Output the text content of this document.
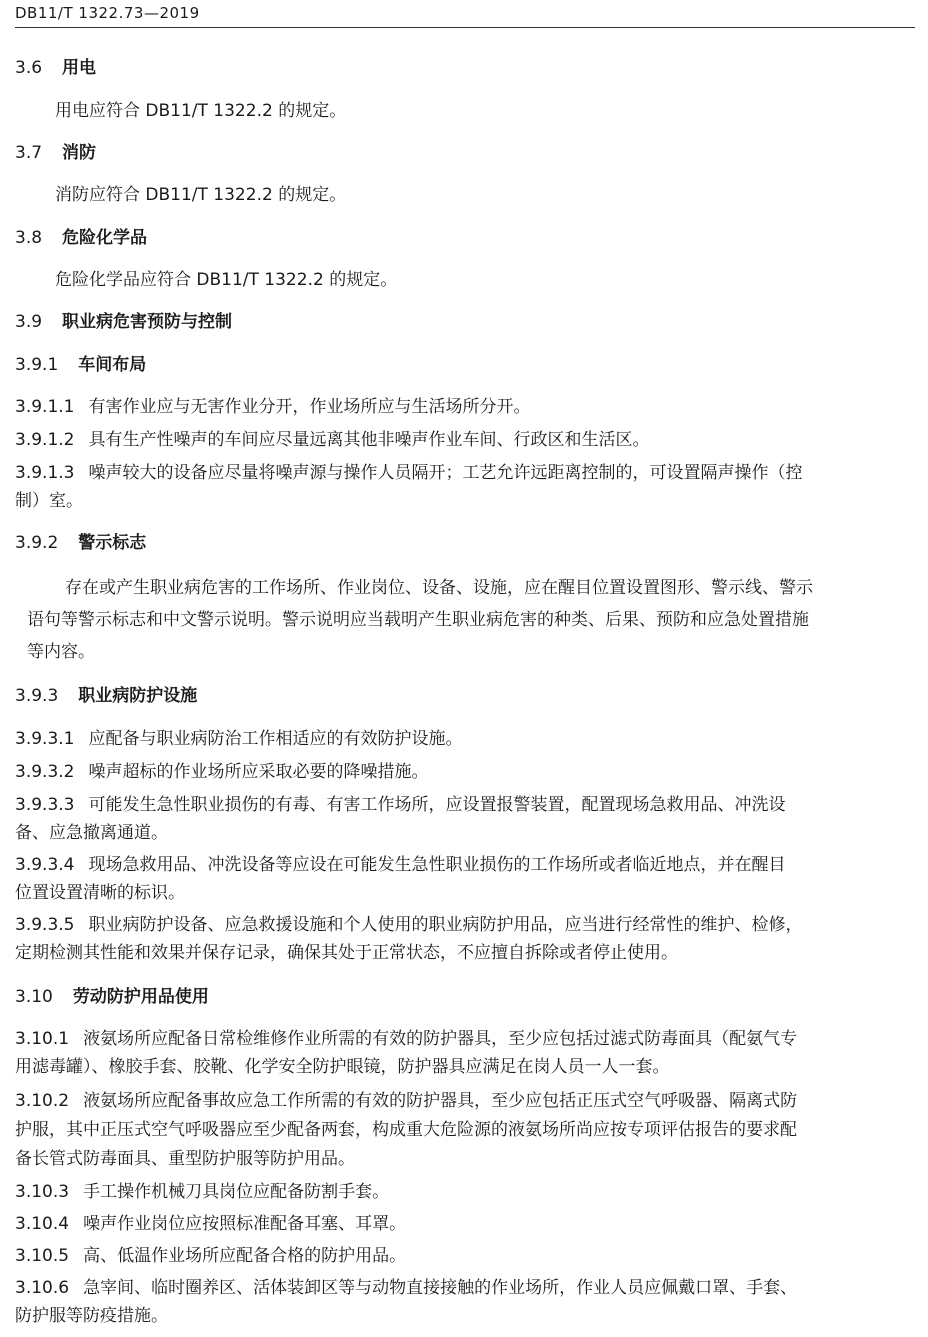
DB11/T 1322.73—2019
3.6 用电
用电应符合 DB11/T 1322.2 的规定。
3.7 消防
消防应符合 DB11/T 1322.2 的规定。
3.8 危险化学品
危险化学品应符合 DB11/T 1322.2 的规定。
3.9 职业病危害预防与控制
3.9.1 车间布局
3.9.1.1 有害作业应与无害作业分开，作业场所应与生活场所分开。
3.9.1.2 具有生产性噪声的车间应尽量远离其他非噪声作业车间、行政区和生活区。
3.9.1.3 噪声较大的设备应尽量将噪声源与操作人员隔开；工艺允许远距离控制的，可设置隔声操作（控
制）室。
3.9.2 警示标志
存在或产生职业病危害的工作场所、作业岗位、设备、设施，应在醒目位置设置图形、警示线、警示
语句等警示标志和中文警示说明。警示说明应当载明产生职业病危害的种类、后果、预防和应急处置措施
等内容。
3.9.3 职业病防护设施
3.9.3.1 应配备与职业病防治工作相适应的有效防护设施。
3.9.3.2 噪声超标的作业场所应采取必要的降噪措施。
3.9.3.3 可能发生急性职业损伤的有毒、有害工作场所，应设置报警装置，配置现场急救用品、冲洗设
备、应急撤离通道。
3.9.3.4 现场急救用品、冲洗设备等应设在可能发生急性职业损伤的工作场所或者临近地点，并在醒目
位置设置清晰的标识。
3.9.3.5 职业病防护设备、应急救援设施和个人使用的职业病防护用品，应当进行经常性的维护、检修，
定期检测其性能和效果并保存记录，确保其处于正常状态，不应擅自拆除或者停止使用。
3.10 劳动防护用品使用
3.10.1 液氨场所应配备日常检维修作业所需的有效的防护器具，至少应包括过滤式防毒面具（配氨气专
用滤毒罐）、橡胶手套、胶靴、化学安全防护眼镜，防护器具应满足在岗人员一人一套。
3.10.2 液氨场所应配备事故应急工作所需的有效的防护器具，至少应包括正压式空气呼吸器、隔离式防
护服，其中正压式空气呼吸器应至少配备两套，构成重大危险源的液氨场所尚应按专项评估报告的要求配
备长管式防毒面具、重型防护服等防护用品。
3.10.3 手工操作机械刀具岗位应配备防割手套。
3.10.4 噪声作业岗位应按照标准配备耳塞、耳罩。
3.10.5 高、低温作业场所应配备合格的防护用品。
3.10.6 急宰间、临时圈养区、活体装卸区等与动物直接接触的作业场所，作业人员应佩戴口罩、手套、
防护服等防疫措施。
